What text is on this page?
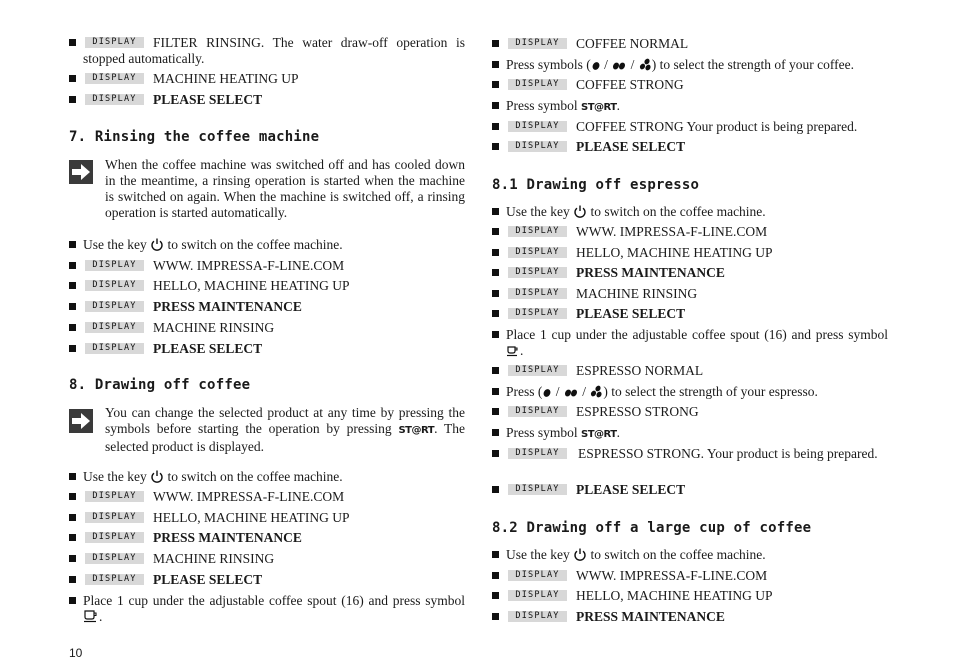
DISPLAY	FILTER RINSING. The water draw-off operation is stopped automatically.
DISPLAY	MACHINE HEATING UP
DISPLAY	PLEASE SELECT
7. Rinsing the coffee machine
When the coffee machine was switched off and has cooled down in the meantime, a rinsing operation is started when the machine is switched on again. When the machine is switched off, a rinsing operation is started automatically.
Use the key to switch on the coffee machine.
DISPLAY	WWW. IMPRESSA-F-LINE.COM
DISPLAY	HELLO, MACHINE HEATING UP
DISPLAY	PRESS MAINTENANCE
DISPLAY	MACHINE RINSING
DISPLAY	PLEASE SELECT
8. Drawing off coffee
You can change the selected product at any time by pressing the symbols before starting the operation by pressing ST@RT. The selected product is displayed.
Use the key to switch on the coffee machine.
DISPLAY	WWW. IMPRESSA-F-LINE.COM
DISPLAY	HELLO, MACHINE HEATING UP
DISPLAY	PRESS MAINTENANCE
DISPLAY	MACHINE RINSING
DISPLAY	PLEASE SELECT
Place 1 cup under the adjustable coffee spout (16) and press symbol .
DISPLAY	COFFEE NORMAL
Press symbols ( / / ) to select the strength of your coffee.
DISPLAY	COFFEE STRONG
Press symbol ST@RT.
DISPLAY	COFFEE STRONG Your product is being prepared.
DISPLAY	PLEASE SELECT
8.1 Drawing off espresso
Use the key to switch on the coffee machine.
DISPLAY	WWW. IMPRESSA-F-LINE.COM
DISPLAY	HELLO, MACHINE HEATING UP
DISPLAY	PRESS MAINTENANCE
DISPLAY	MACHINE RINSING
DISPLAY	PLEASE SELECT
Place 1 cup under the adjustable coffee spout (16) and press symbol .
DISPLAY	ESPRESSO NORMAL
Press ( / / ) to select the strength of your espresso.
DISPLAY	ESPRESSO STRONG
Press symbol ST@RT.
DISPLAY	ESPRESSO STRONG. Your product is being prepared.
DISPLAY	PLEASE SELECT
8.2 Drawing off a large cup of coffee
Use the key to switch on the coffee machine.
DISPLAY	WWW. IMPRESSA-F-LINE.COM
DISPLAY	HELLO, MACHINE HEATING UP
DISPLAY	PRESS MAINTENANCE
10
